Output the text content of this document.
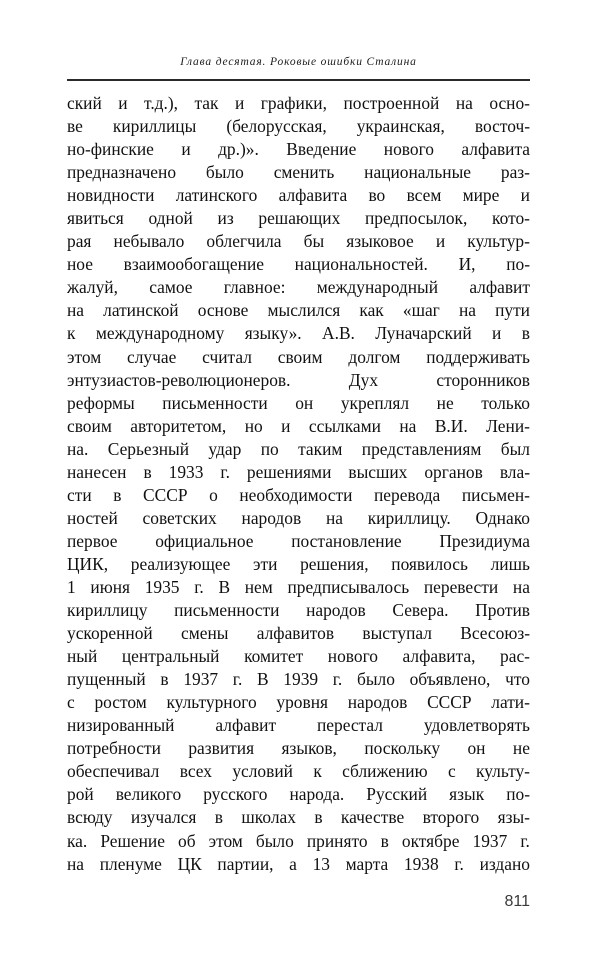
Глава десятая. Роковые ошибки Сталина
ский и т.д.), так и графики, построенной на осно-
ве кириллицы (белорусская, украинская, восточ-
но-финские и др.)». Введение нового алфавита
предназначено было сменить национальные раз-
новидности латинского алфавита во всем мире и
явиться одной из решающих предпосылок, кото-
рая небывало облегчила бы языковое и культур-
ное взаимообогащение национальностей. И, по-
жалуй, самое главное: международный алфавит
на латинской основе мыслился как «шаг на пути
к международному языку». А.В. Луначарский и в
этом случае считал своим долгом поддерживать
энтузиастов-революционеров.	Дух	сторонников
реформы письменности он укреплял не только
своим авторитетом, но и ссылками на В.И. Лени-
на. Серьезный удар по таким представлениям был
нанесен в 1933 г. решениями высших органов вла-
сти в СССР о необходимости перевода письмен-
ностей советских народов на кириллицу. Однако
первое официальное постановление Президиума
ЦИК, реализующее эти решения, появилось лишь
1 июня 1935 г. В нем предписывалось перевести на
кириллицу письменности народов Севера. Против
ускоренной смены алфавитов выступал Всесоюз-
ный центральный комитет нового алфавита, рас-
пущенный в 1937 г. В 1939 г. было объявлено, что
с ростом культурного уровня народов СССР лати-
низированный алфавит перестал удовлетворять
потребности развития языков, поскольку он не
обеспечивал всех условий к сближению с культу-
рой великого русского народа. Русский язык по-
всюду изучался в школах в качестве второго язы-
ка. Решение об этом было принято в октябре 1937 г.
на пленуме ЦК партии, а 13 марта 1938 г. издано
811
